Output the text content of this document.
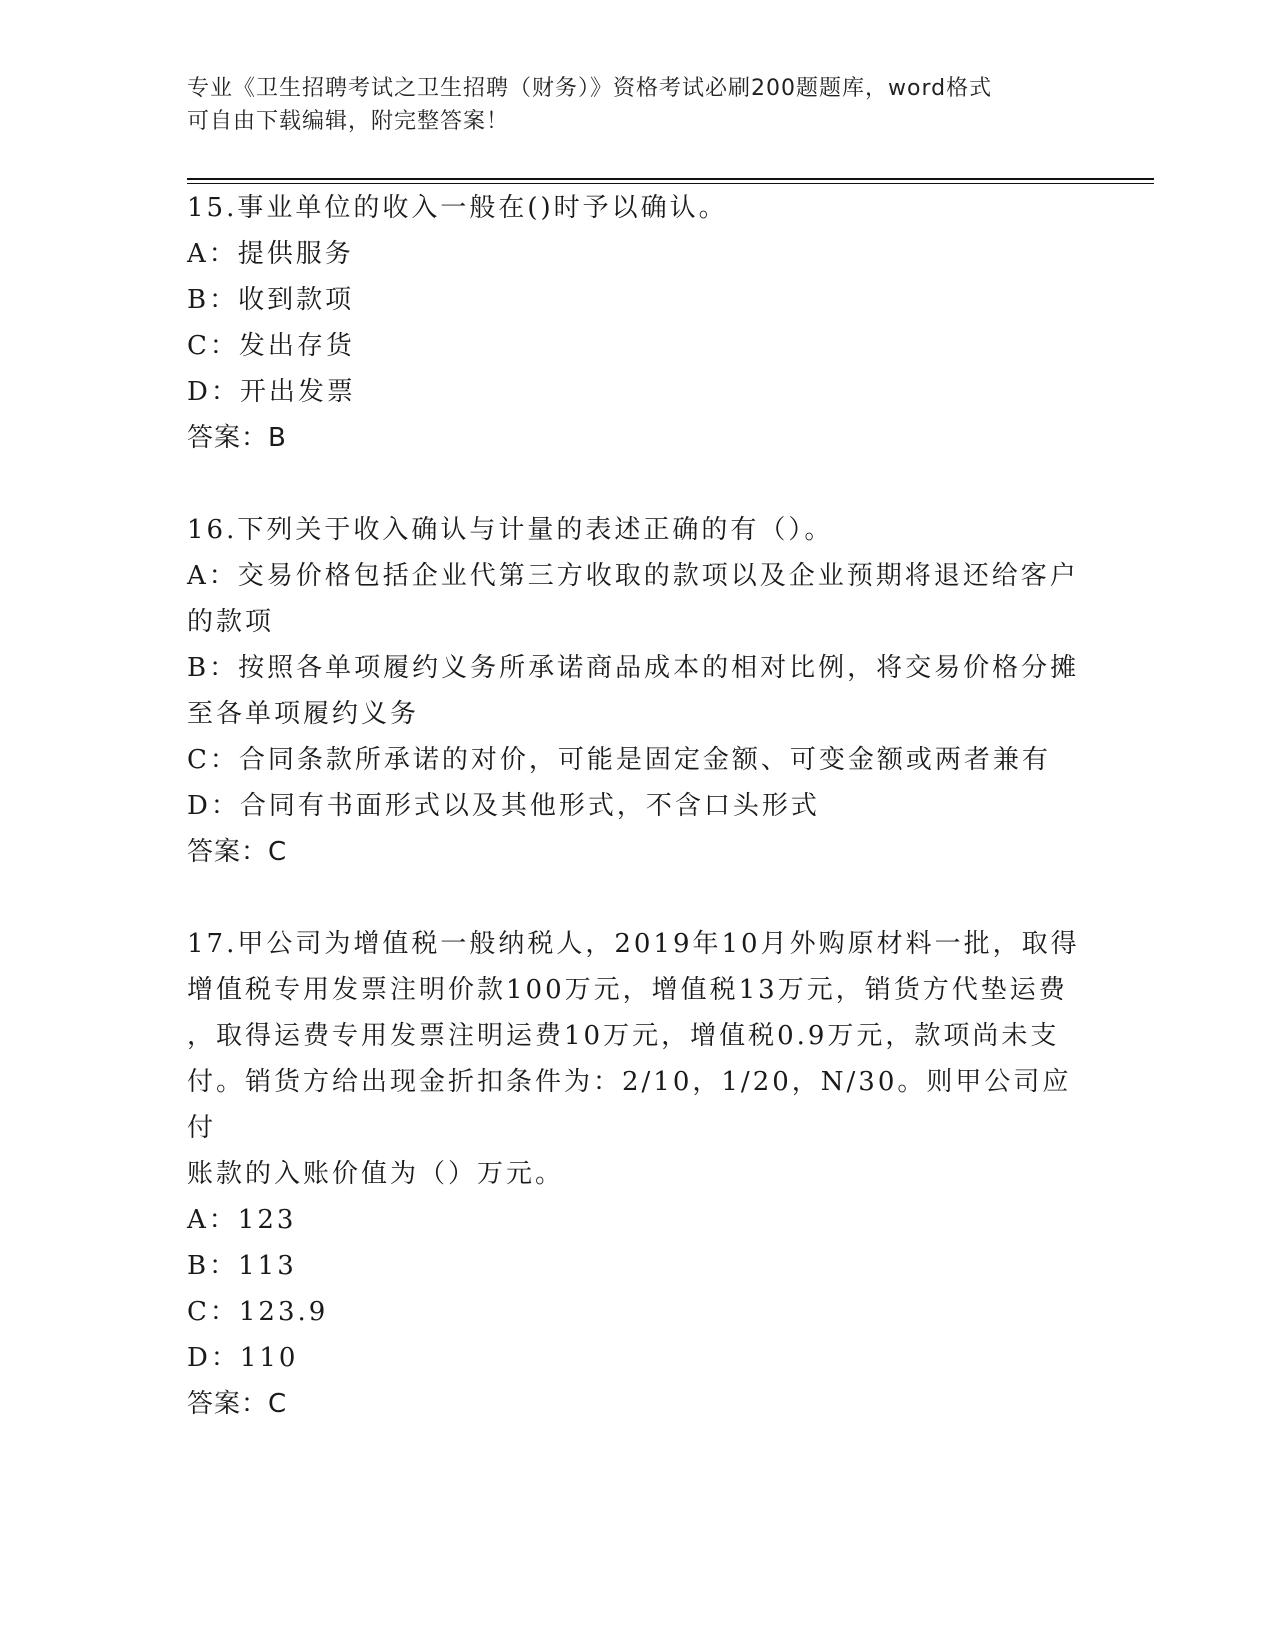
专业《卫生招聘考试之卫生招聘（财务）》资格考试必刷200题题库，word格式
可自由下载编辑，附完整答案！
15.事业单位的收入一般在()时予以确认。
A：提供服务
B：收到款项
C：发出存货
D：开出发票
答案：B
16.下列关于收入确认与计量的表述正确的有（）。
A：交易价格包括企业代第三方收取的款项以及企业预期将退还给客户
的款项
B：按照各单项履约义务所承诺商品成本的相对比例，将交易价格分摊
至各单项履约义务
C：合同条款所承诺的对价，可能是固定金额、可变金额或两者兼有
D：合同有书面形式以及其他形式，不含口头形式
答案：C
17.甲公司为增值税一般纳税人，2019年10月外购原材料一批，取得
增值税专用发票注明价款100万元，增值税13万元，销货方代垫运费
，取得运费专用发票注明运费10万元，增值税0.9万元，款项尚未支
付。销货方给出现金折扣条件为：2/10，1/20，N/30。则甲公司应付
账款的入账价值为（）万元。
A：123
B：113
C：123.9
D：110
答案：C
